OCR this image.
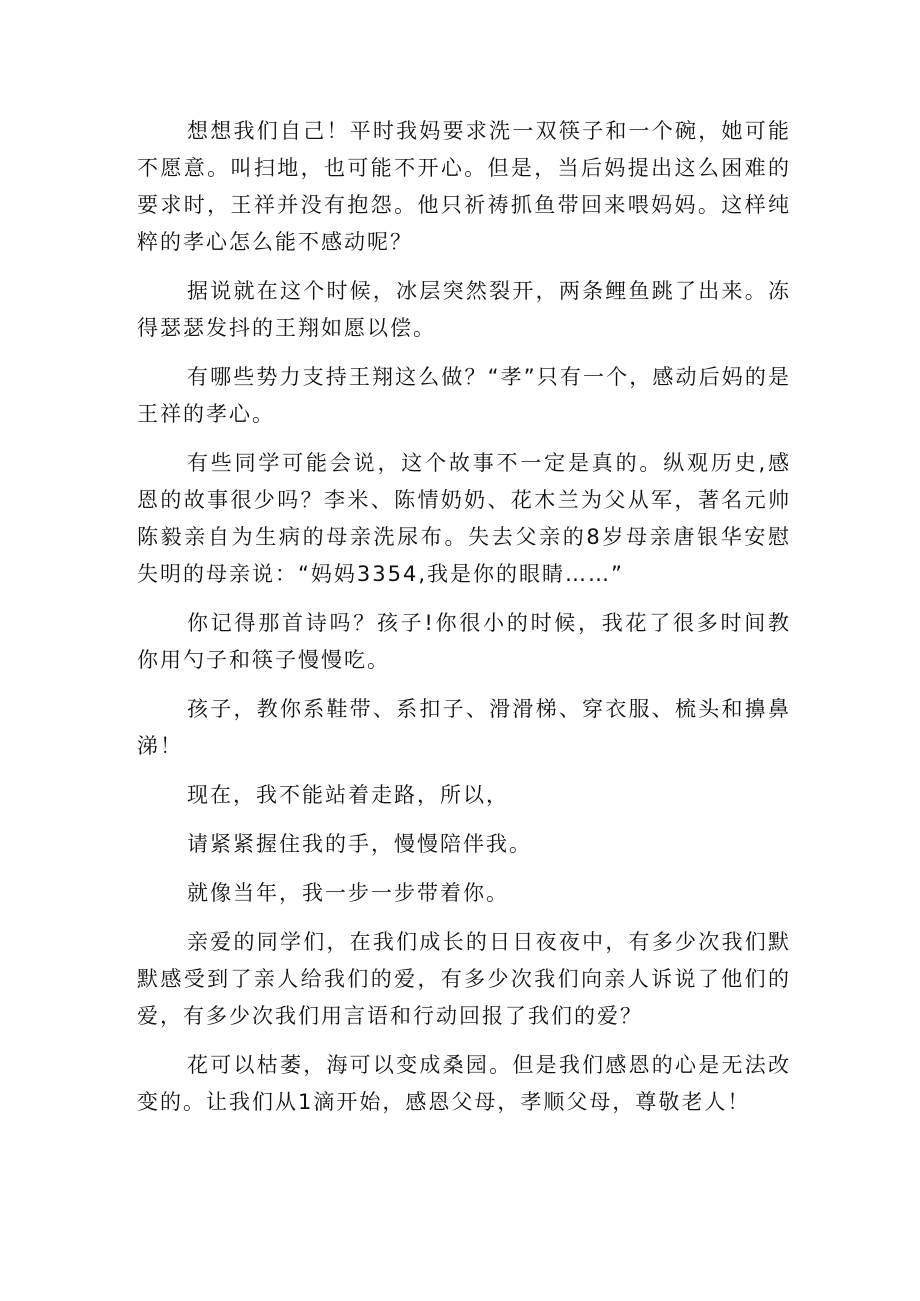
想想我们自己！平时我妈要求洗一双筷子和一个碗，她可能不愿意。叫扫地，也可能不开心。但是，当后妈提出这么困难的要求时，王祥并没有抱怨。他只祈祷抓鱼带回来喂妈妈。这样纯粹的孝心怎么能不感动呢？

据说就在这个时候，冰层突然裂开，两条鲤鱼跳了出来。冻得瑟瑟发抖的王翔如愿以偿。

有哪些势力支持王翔这么做？“孝”只有一个，感动后妈的是王祥的孝心。

有些同学可能会说，这个故事不一定是真的。纵观历史,感恩的故事很少吗？李米、陈情奶奶、花木兰为父从军，著名元帅陈毅亲自为生病的母亲洗尿布。失去父亲的8岁母亲唐银华安慰失明的母亲说：“妈妈3354,我是你的眼睛……”

你记得那首诗吗？孩子!你很小的时候，我花了很多时间教你用勺子和筷子慢慢吃。

孩子，教你系鞋带、系扣子、滑滑梯、穿衣服、梳头和擤鼻涕！

现在，我不能站着走路，所以，

请紧紧握住我的手，慢慢陪伴我。

就像当年，我一步一步带着你。

亲爱的同学们，在我们成长的日日夜夜中，有多少次我们默默感受到了亲人给我们的爱，有多少次我们向亲人诉说了他们的爱，有多少次我们用言语和行动回报了我们的爱？

花可以枯萎，海可以变成桑园。但是我们感恩的心是无法改变的。让我们从1滴开始，感恩父母，孝顺父母，尊敬老人！
